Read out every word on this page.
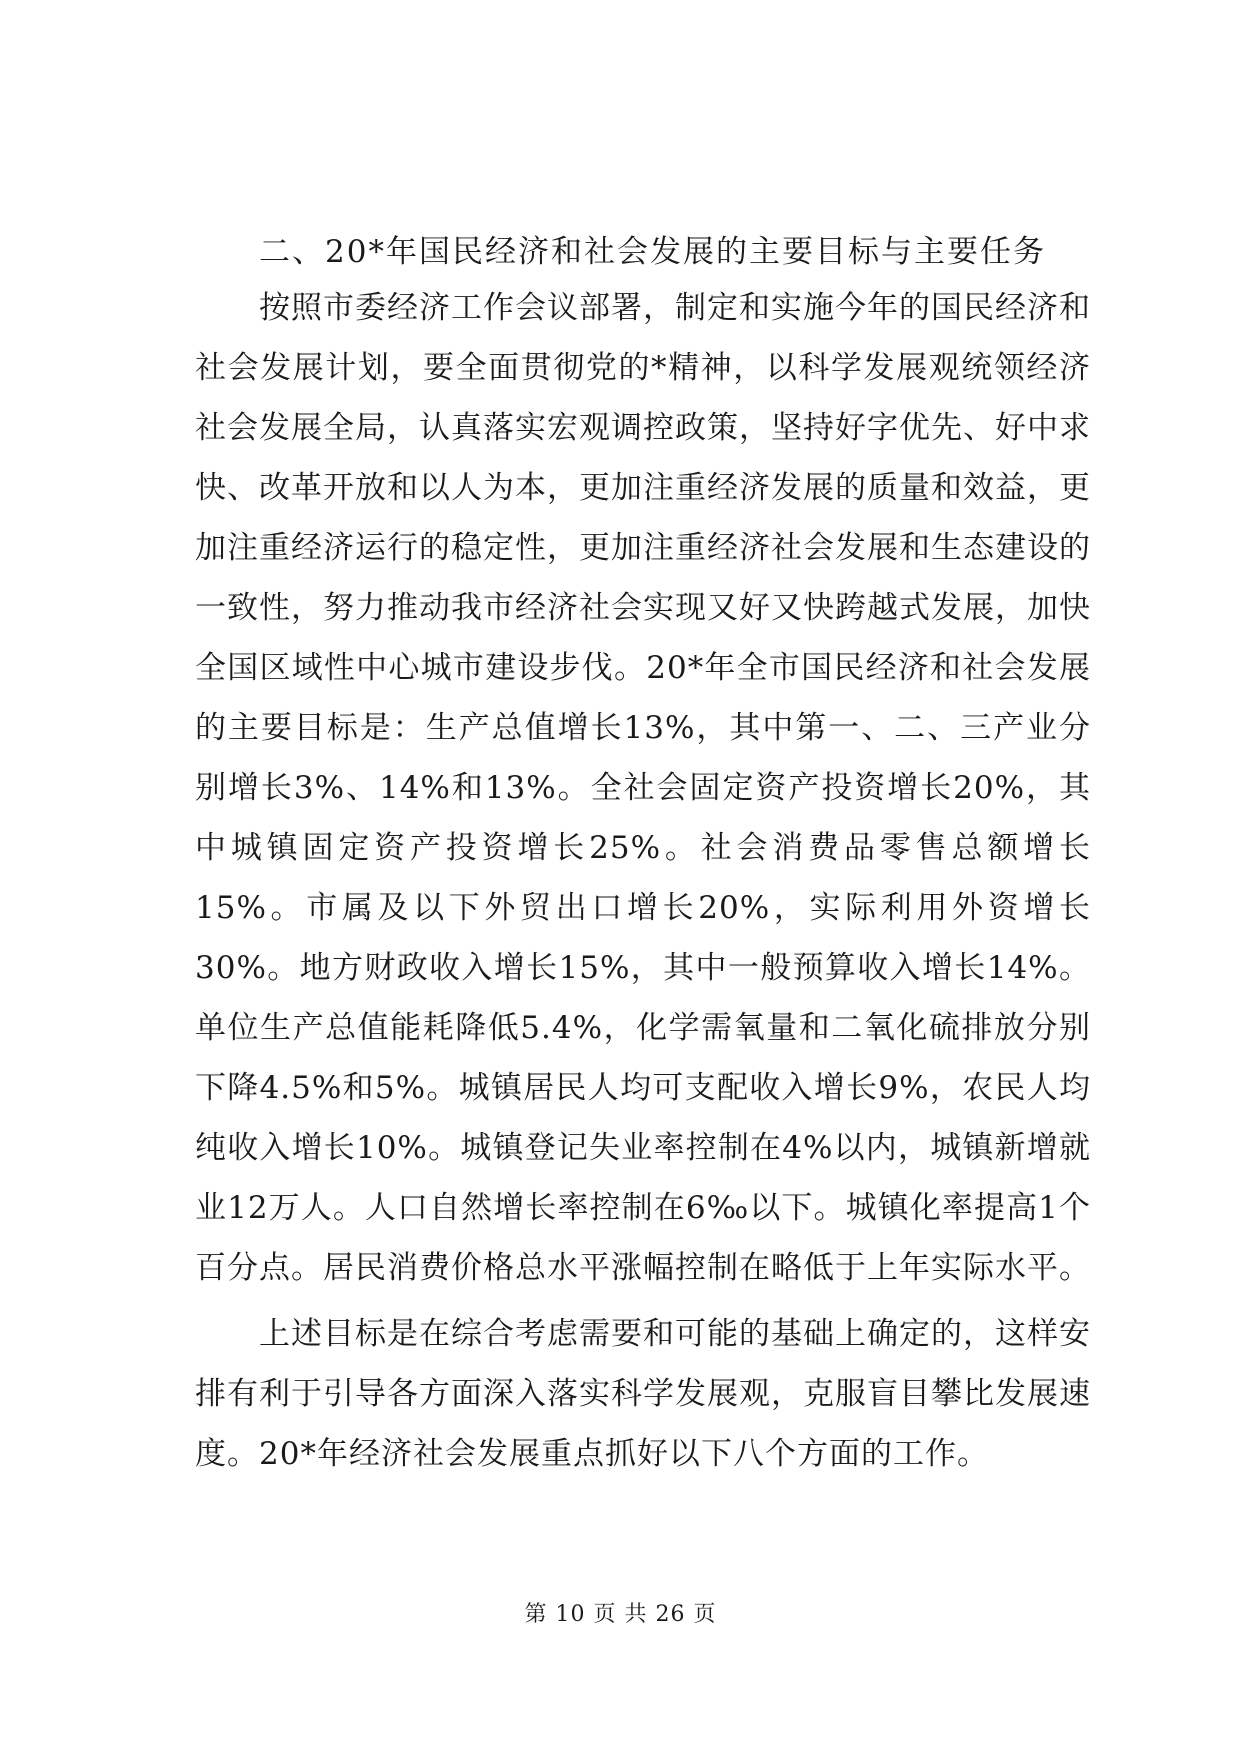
二、20*年国民经济和社会发展的主要目标与主要任务

按照市委经济工作会议部署，制定和实施今年的国民经济和社会发展计划，要全面贯彻党的*精神，以科学发展观统领经济社会发展全局，认真落实宏观调控政策，坚持好字优先、好中求快、改革开放和以人为本，更加注重经济发展的质量和效益，更加注重经济运行的稳定性，更加注重经济社会发展和生态建设的一致性，努力推动我市经济社会实现又好又快跨越式发展，加快全国区域性中心城市建设步伐。20*年全市国民经济和社会发展的主要目标是：生产总值增长13%，其中第一、二、三产业分别增长3%、14%和13%。全社会固定资产投资增长20%，其中城镇固定资产投资增长25%。社会消费品零售总额增长15%。市属及以下外贸出口增长20%，实际利用外资增长30%。地方财政收入增长15%，其中一般预算收入增长14%。单位生产总值能耗降低5.4%，化学需氧量和二氧化硫排放分别下降4.5%和5%。城镇居民人均可支配收入增长9%，农民人均纯收入增长10%。城镇登记失业率控制在4%以内，城镇新增就业12万人。人口自然增长率控制在6‰以下。城镇化率提高1个百分点。居民消费价格总水平涨幅控制在略低于上年实际水平。

上述目标是在综合考虑需要和可能的基础上确定的，这样安排有利于引导各方面深入落实科学发展观，克服盲目攀比发展速度。20*年经济社会发展重点抓好以下八个方面的工作。

第 10 页 共 26 页
